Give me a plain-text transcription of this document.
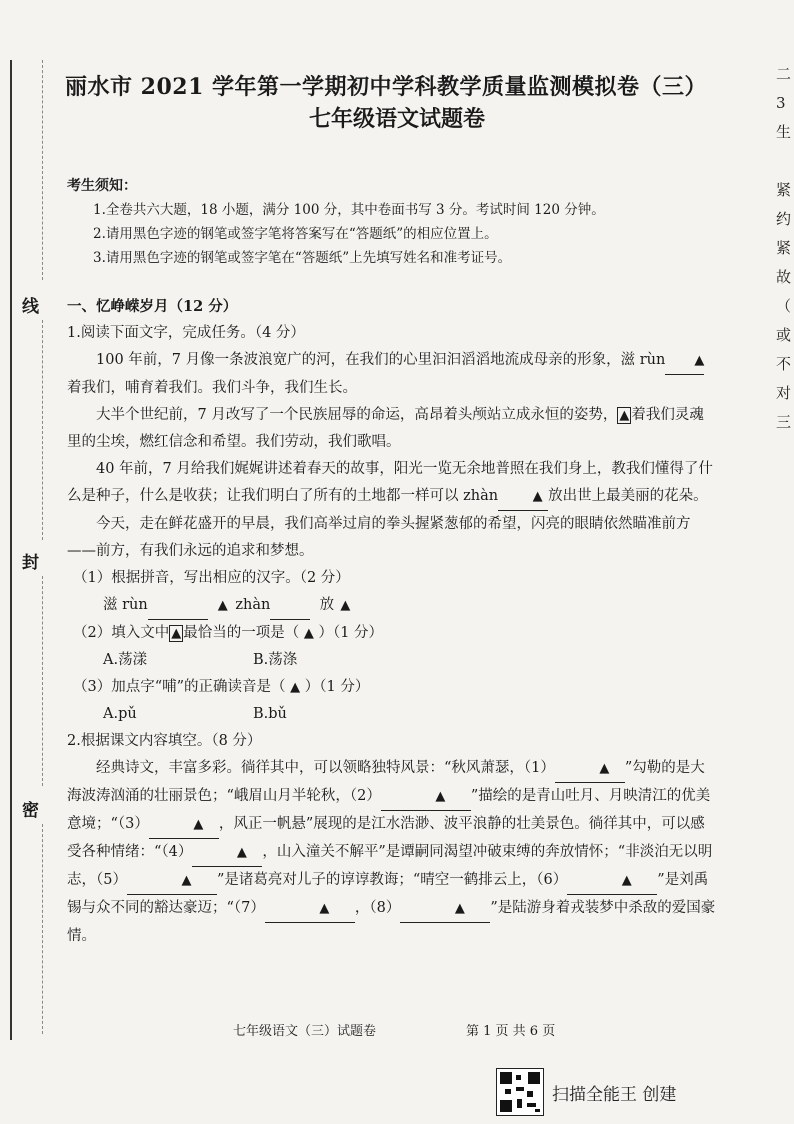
线
封
密
二
3
生
紧
约
紧
故
（
或
不
对
三
丽水市 2021 学年第一学期初中学科教学质量监测模拟卷（三）
七年级语文试题卷
考生须知：
1.全卷共六大题，18 小题，满分 100 分，其中卷面书写 3 分。考试时间 120 分钟。
2.请用黑色字迹的钢笔或签字笔将答案写在“答题纸”的相应位置上。
3.请用黑色字迹的钢笔或签字笔在“答题纸”上先填写姓名和准考证号。

一、忆峥嵘岁月（12 分）

1.阅读下面文字，完成任务。（4 分）

100 年前，7 月像一条波浪宽广的河，在我们的心里汩汩滔滔地流成母亲的形象，滋 rùn ▲着我们，哺育着我们。我们斗争，我们生长。

大半个世纪前，7 月改写了一个民族屈辱的命运，高昂着头颅站立成永恒的姿势， ▲ 着我们灵魂里的尘埃，燃红信念和希望。我们劳动，我们歌唱。

40 年前，7 月给我们娓娓讲述着春天的故事，阳光一览无余地普照在我们身上，教我们懂得了什么是种子，什么是收获；让我们明白了所有的土地都一样可以 zhàn	▲ 放出世上最美丽的花朵。

今天，走在鲜花盛开的早晨，我们高举过肩的拳头握紧葱郁的希望，闪亮的眼睛依然瞄准前方——前方，有我们永远的追求和梦想。

（1）根据拼音，写出相应的汉字。（2 分）

滋 rùn	▲ zhàn	▲  放

（2）填入文中 ▲ 最恰当的一项是（ ▲ ）（1 分）

A.荡漾	B.荡涤

（3）加点字“哺”的正确读音是（ ▲ ）（1 分）

A.pǔ	B.bǔ

2.根据课文内容填空。（8 分）

经典诗文，丰富多彩。徜徉其中，可以领略独特风景：“秋风萧瑟，（1）	▲ ”勾勒的是大海波涛汹涌的壮丽景色；“峨眉山月半轮秋，（2）	▲ ”描绘的是青山吐月、月映清江的优美意境；“（3）	▲ ，风正一帆悬”展现的是江水浩渺、波平浪静的壮美景色。徜徉其中，可以感受各种情绪：“（4）	▲ ，山入潼关不解平”是谭嗣同渴望冲破束缚的奔放情怀；“非淡泊无以明志，（5）	▲ ”是诸葛亮对儿子的谆谆教诲；“晴空一鹤排云上，（6）	▲ ”是刘禹锡与众不同的豁达豪迈；“（7）	▲ ，（8）	▲ ”是陆游身着戎装梦中杀敌的爱国豪情。

七年级语文（三）试题卷	第 1 页 共 6 页
扫描全能王 创建
